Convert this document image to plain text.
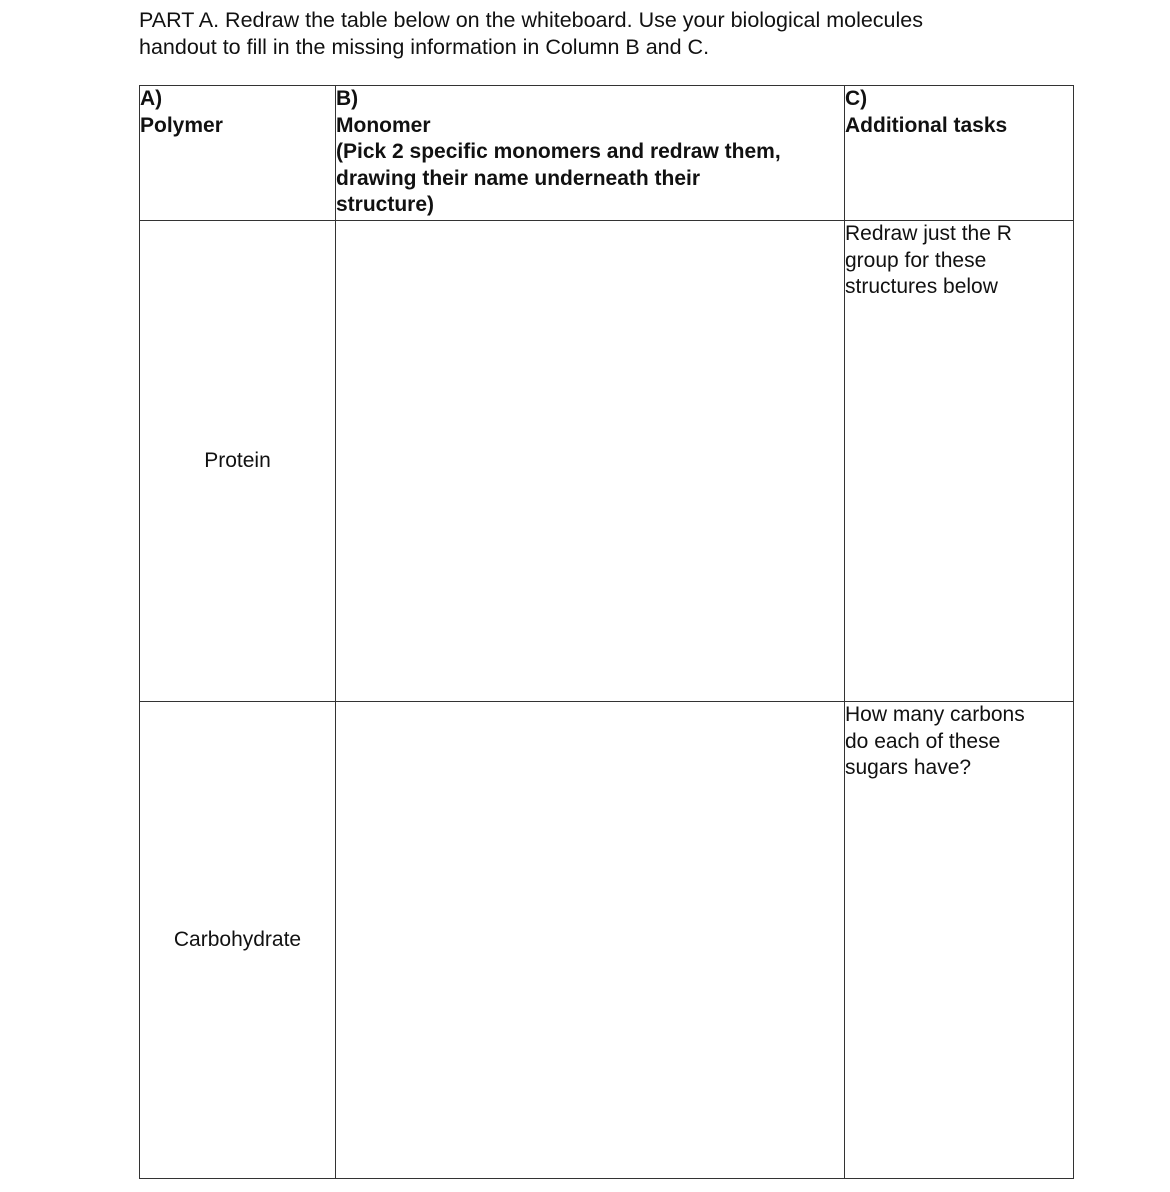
PART A. Redraw the table below on the whiteboard. Use your biological molecules
handout to fill in the missing information in Column B and C.

A)
Polymer	B)
Monomer
(Pick 2 specific monomers and redraw them,
drawing their name underneath their
structure)	C)
Additional tasks

Protein		Redraw just the R
group for these
structures below

Carbohydrate		How many carbons
do each of these
sugars have?
